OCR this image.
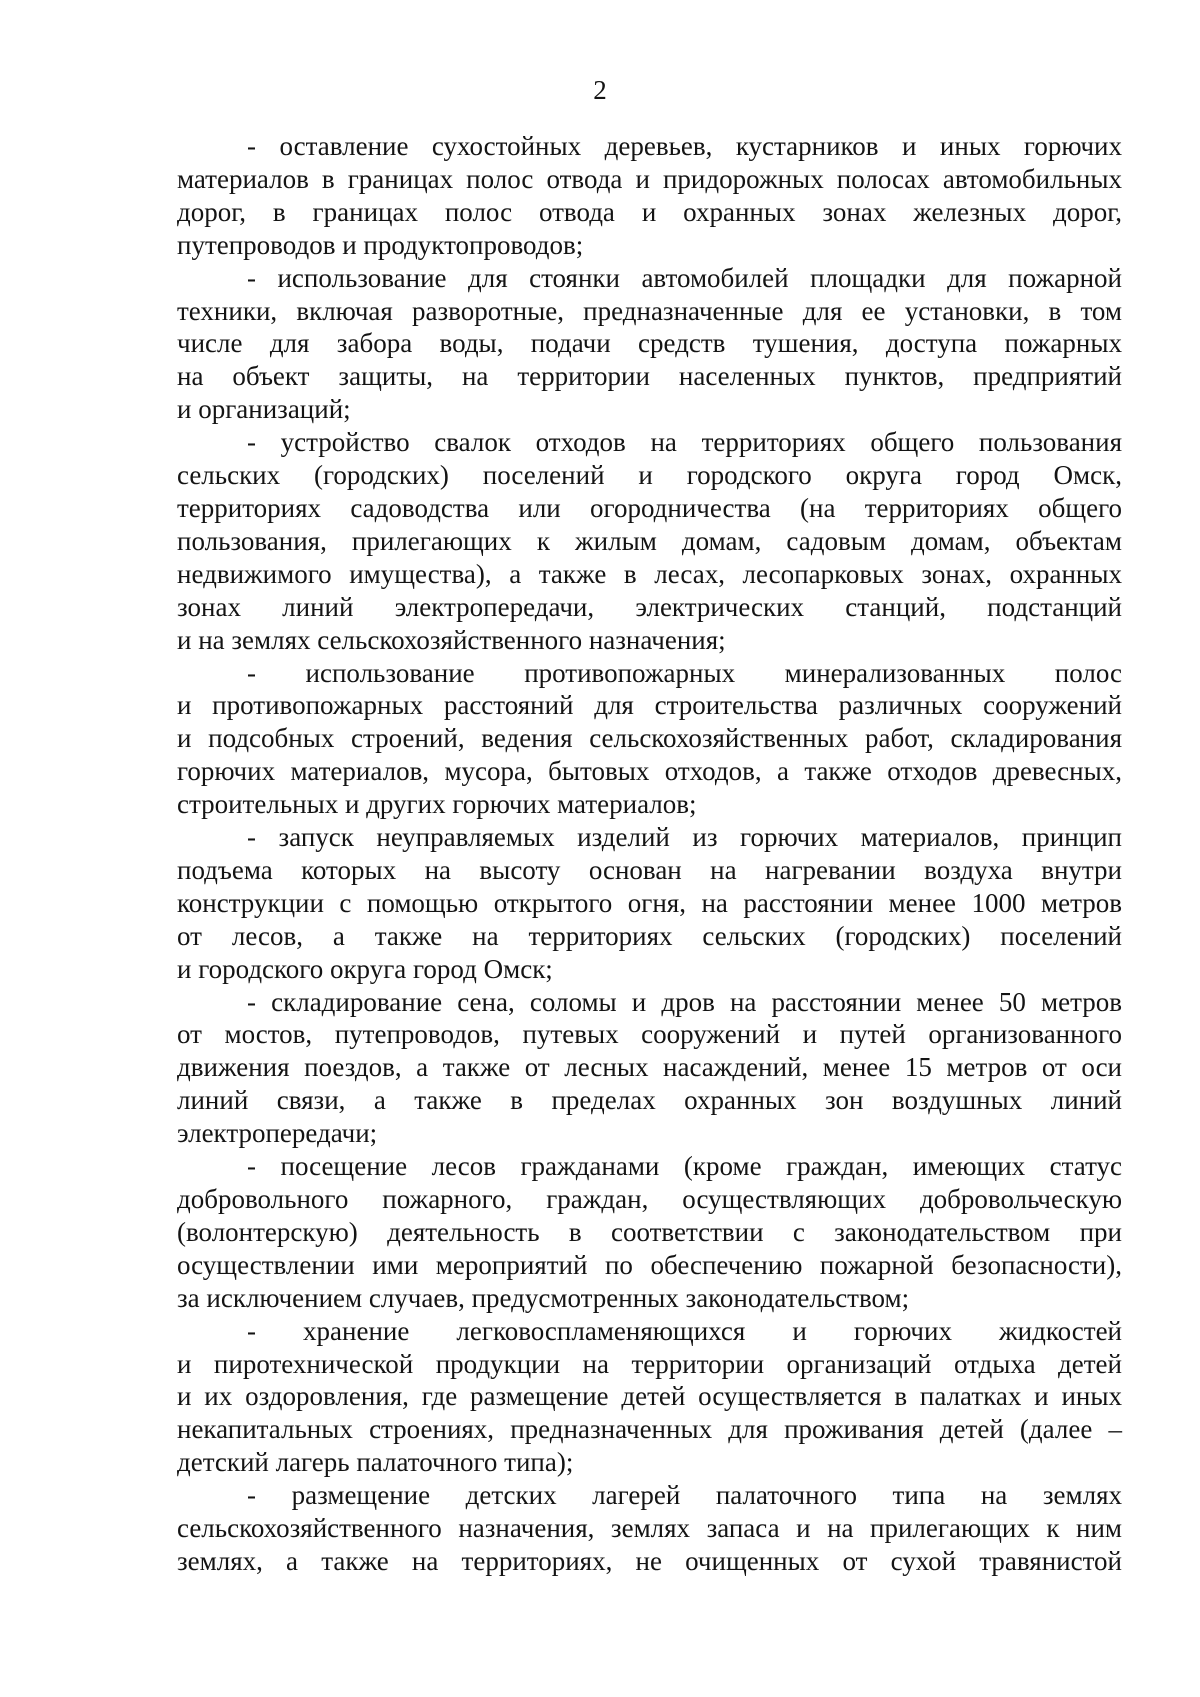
2

- оставление сухостойных деревьев, кустарников и иных горючих
материалов в границах полос отвода и придорожных полосах автомобильных
дорог, в границах полос отвода и охранных зонах железных дорог,
путепроводов и продуктопроводов;

- использование для стоянки автомобилей площадки для пожарной
техники, включая разворотные, предназначенные для ее установки, в том
числе для забора воды, подачи средств тушения, доступа пожарных
на объект защиты, на территории населенных пунктов, предприятий
и организаций;

- устройство свалок отходов на территориях общего пользования
сельских (городских) поселений и городского округа город Омск,
территориях садоводства или огородничества (на территориях общего
пользования, прилегающих к жилым домам, садовым домам, объектам
недвижимого имущества), а также в лесах, лесопарковых зонах, охранных
зонах линий электропередачи, электрических станций, подстанций
и на землях сельскохозяйственного назначения;

- использование противопожарных минерализованных полос
и противопожарных расстояний для строительства различных сооружений
и подсобных строений, ведения сельскохозяйственных работ, складирования
горючих материалов, мусора, бытовых отходов, а также отходов древесных,
строительных и других горючих материалов;

- запуск неуправляемых изделий из горючих материалов, принцип
подъема которых на высоту основан на нагревании воздуха внутри
конструкции с помощью открытого огня, на расстоянии менее 1000 метров
от лесов, а также на территориях сельских (городских) поселений
и городского округа город Омск;

- складирование сена, соломы и дров на расстоянии менее 50 метров
от мостов, путепроводов, путевых сооружений и путей организованного
движения поездов, а также от лесных насаждений, менее 15 метров от оси
линий связи, а также в пределах охранных зон воздушных линий
электропередачи;

- посещение лесов гражданами (кроме граждан, имеющих статус
добровольного пожарного, граждан, осуществляющих добровольческую
(волонтерскую) деятельность в соответствии с законодательством при
осуществлении ими мероприятий по обеспечению пожарной безопасности),
за исключением случаев, предусмотренных законодательством;

- хранение легковоспламеняющихся и горючих жидкостей
и пиротехнической продукции на территории организаций отдыха детей
и их оздоровления, где размещение детей осуществляется в палатках и иных
некапитальных строениях, предназначенных для проживания детей (далее –
детский лагерь палаточного типа);

- размещение детских лагерей палаточного типа на землях
сельскохозяйственного назначения, землях запаса и на прилегающих к ним
землях, а также на территориях, не очищенных от сухой травянистой
